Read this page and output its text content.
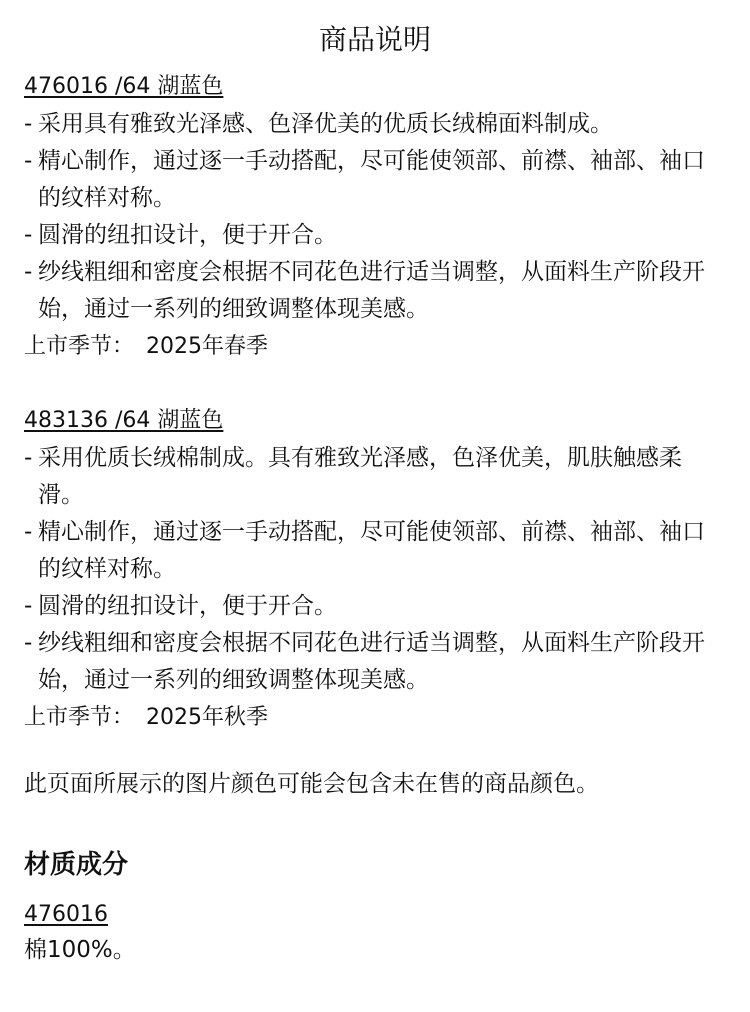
商品说明
476016 /64 湖蓝色
- 采用具有雅致光泽感、色泽优美的优质长绒棉面料制成。
- 精心制作，通过逐一手动搭配，尽可能使领部、前襟、袖部、袖口的纹样对称。
- 圆滑的纽扣设计，便于开合。
- 纱线粗细和密度会根据不同花色进行适当调整，从面料生产阶段开始，通过一系列的细致调整体现美感。
上市季节： 2025年春季
483136 /64 湖蓝色
- 采用优质长绒棉制成。具有雅致光泽感，色泽优美，肌肤触感柔滑。
- 精心制作，通过逐一手动搭配，尽可能使领部、前襟、袖部、袖口的纹样对称。
- 圆滑的纽扣设计，便于开合。
- 纱线粗细和密度会根据不同花色进行适当调整，从面料生产阶段开始，通过一系列的细致调整体现美感。
上市季节： 2025年秋季
此页面所展示的图片颜色可能会包含未在售的商品颜色。
材质成分
476016
棉100%。
